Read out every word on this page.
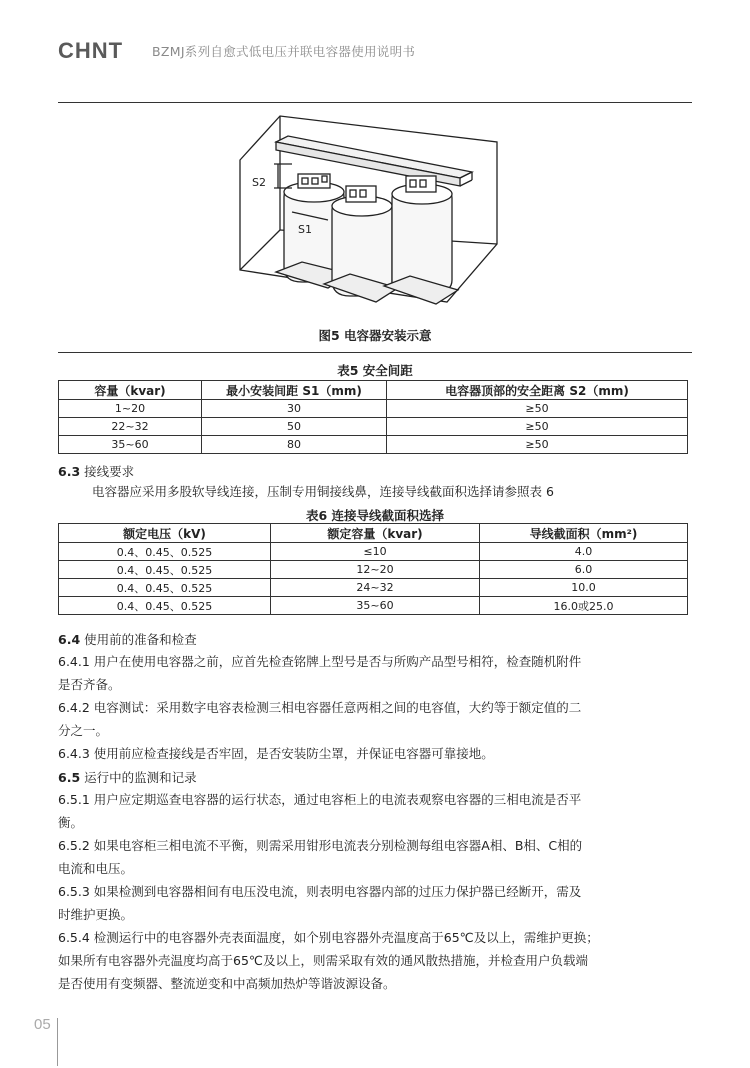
CHNT BZMJ系列自愈式低电压并联电容器使用说明书
S2
S1
图5 电容器安装示意
表5 安全间距
容量（kvar)	最小安装间距 S1（mm)	电容器顶部的安全距离 S2（mm)
1~20	30	≥50
22~32	50	≥50
35~60	80	≥50
6.3 接线要求
电容器应采用多股软导线连接，压制专用铜接线鼻，连接导线截面积选择请参照表 6
表6 连接导线截面积选择
额定电压（kV)	额定容量（kvar)	导线截面积（mm²)
0.4、0.45、0.525	≤10	4.0
0.4、0.45、0.525	12~20	6.0
0.4、0.45、0.525	24~32	10.0
0.4、0.45、0.525	35~60	16.0或25.0
6.4 使用前的准备和检查
6.4.1 用户在使用电容器之前，应首先检查铭牌上型号是否与所购产品型号相符，检查随机附件
是否齐备。
6.4.2 电容测试：采用数字电容表检测三相电容器任意两相之间的电容值，大约等于额定值的二
分之一。
6.4.3 使用前应检查接线是否牢固，是否安装防尘罩，并保证电容器可靠接地。
6.5 运行中的监测和记录
6.5.1 用户应定期巡查电容器的运行状态，通过电容柜上的电流表观察电容器的三相电流是否平
衡。
6.5.2 如果电容柜三相电流不平衡，则需采用钳形电流表分别检测每组电容器A相、B相、C相的
电流和电压。
6.5.3 如果检测到电容器相间有电压没电流，则表明电容器内部的过压力保护器已经断开，需及
时维护更换。
6.5.4 检测运行中的电容器外壳表面温度，如个别电容器外壳温度高于65℃及以上，需维护更换；
如果所有电容器外壳温度均高于65℃及以上，则需采取有效的通风散热措施，并检查用户负载端
是否使用有变频器、整流逆变和中高频加热炉等谐波源设备。
05
